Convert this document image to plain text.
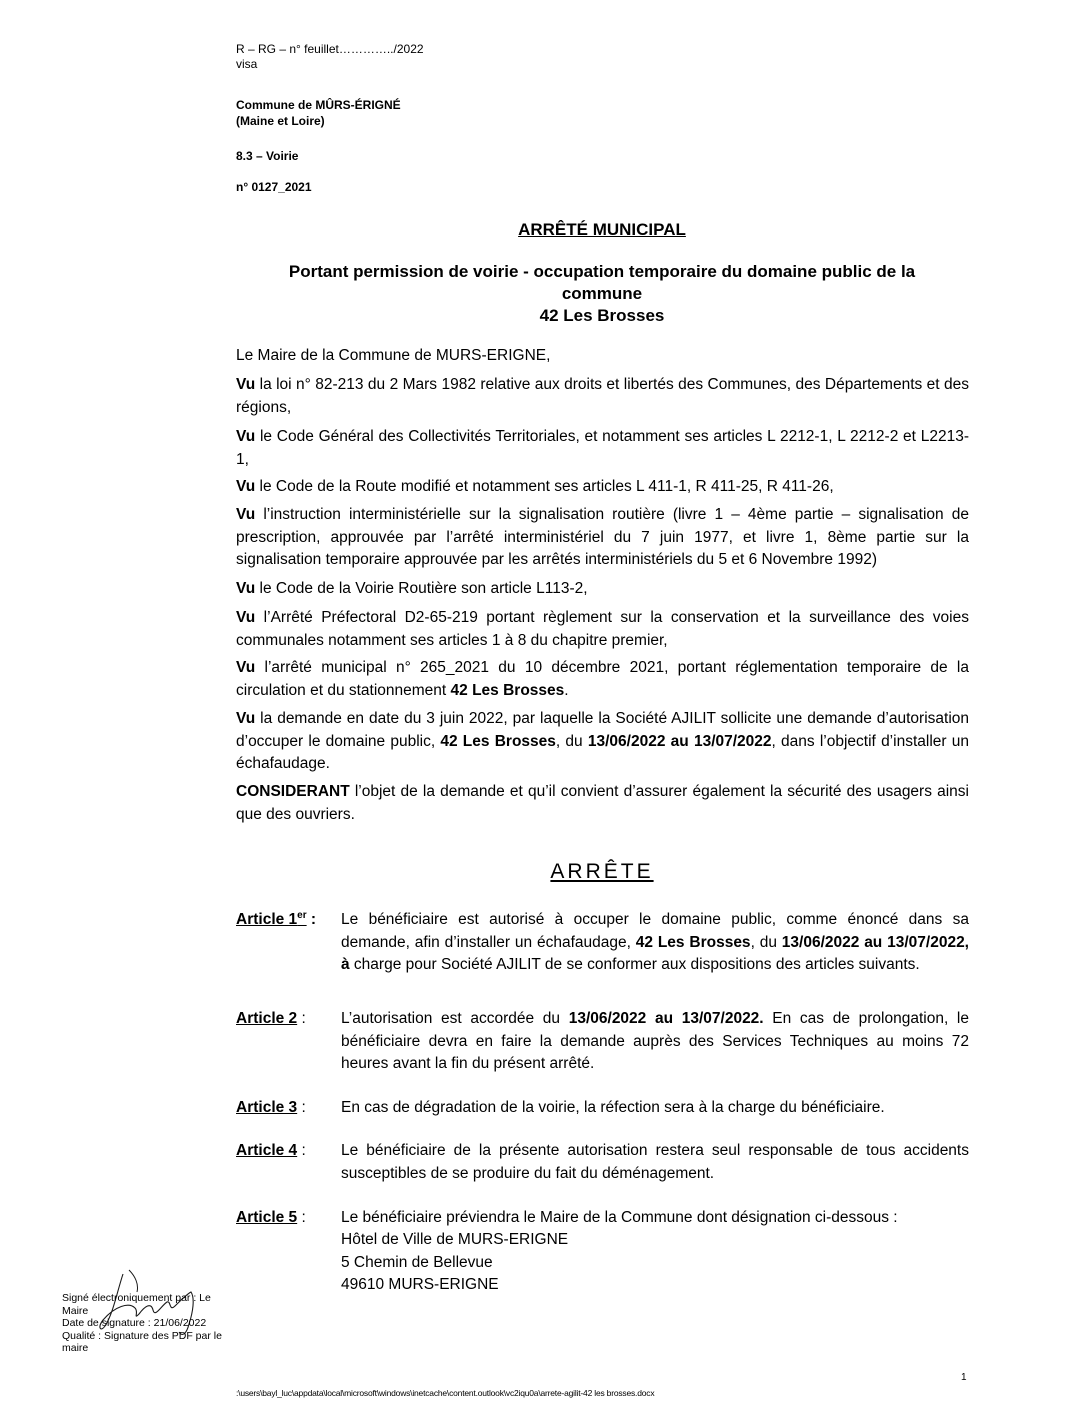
R – RG – n° feuillet…………../2022
visa
Commune de MÛRS-ÉRIGNÉ
(Maine et Loire)
8.3 – Voirie
n° 0127_2021
ARRÊTÉ MUNICIPAL
Portant permission de voirie - occupation temporaire du domaine public de la
commune
42 Les Brosses
Le Maire de la Commune de MURS-ERIGNE,
Vu la loi n° 82-213 du 2 Mars 1982 relative aux droits et libertés des Communes, des Départements et des régions,
Vu le Code Général des Collectivités Territoriales, et notamment ses articles L 2212-1, L 2212-2 et L2213-1,
Vu le Code de la Route modifié et notamment ses articles L 411-1, R 411-25, R 411-26,
Vu l’instruction interministérielle sur la signalisation routière (livre 1 – 4ème partie – signalisation de prescription, approuvée par l’arrêté interministériel du 7 juin 1977, et livre 1, 8ème partie sur la signalisation temporaire approuvée par les arrêtés interministériels du 5 et 6 Novembre 1992)
Vu le Code de la Voirie Routière son article L113-2,
Vu l’Arrêté Préfectoral D2-65-219 portant règlement sur la conservation et la surveillance des voies communales notamment ses articles 1 à 8 du chapitre premier,
Vu l’arrêté municipal n° 265_2021 du 10 décembre 2021, portant réglementation temporaire de la circulation et du stationnement 42 Les Brosses.
Vu la demande en date du 3 juin 2022, par laquelle la Société AJILIT sollicite une demande d’autorisation d’occuper le domaine public, 42 Les Brosses, du 13/06/2022 au 13/07/2022, dans l’objectif d’installer un échafaudage.
CONSIDERANT l’objet de la demande et qu’il convient d’assurer également la sécurité des usagers ainsi que des ouvriers.
ARRÊTE
Article 1er :	Le bénéficiaire est autorisé à occuper le domaine public, comme énoncé dans sa demande, afin d’installer un échafaudage, 42 Les Brosses, du 13/06/2022 au 13/07/2022, à charge pour Société AJILIT de se conformer aux dispositions des articles suivants.
Article 2 :	L’autorisation est accordée du 13/06/2022 au 13/07/2022. En cas de prolongation, le bénéficiaire devra en faire la demande auprès des Services Techniques au moins 72 heures avant la fin du présent arrêté.
Article 3 :	En cas de dégradation de la voirie, la réfection sera à la charge du bénéficiaire.
Article 4 :	Le bénéficiaire de la présente autorisation restera seul responsable de tous accidents susceptibles de se produire du fait du déménagement.
Article 5 :	Le bénéficiaire préviendra le Maire de la Commune dont désignation ci-dessous :
Hôtel de Ville de MURS-ERIGNE
5 Chemin de Bellevue
49610 MURS-ERIGNE
Signé électroniquement par : Le
Maire
Date de signature : 21/06/2022
Qualité : Signature des PDF par le
maire
1
:\users\bayl_luc\appdata\local\microsoft\windows\inetcache\content.outlook\vc2iqu0a\arrete-agilit-42 les brosses.docx
